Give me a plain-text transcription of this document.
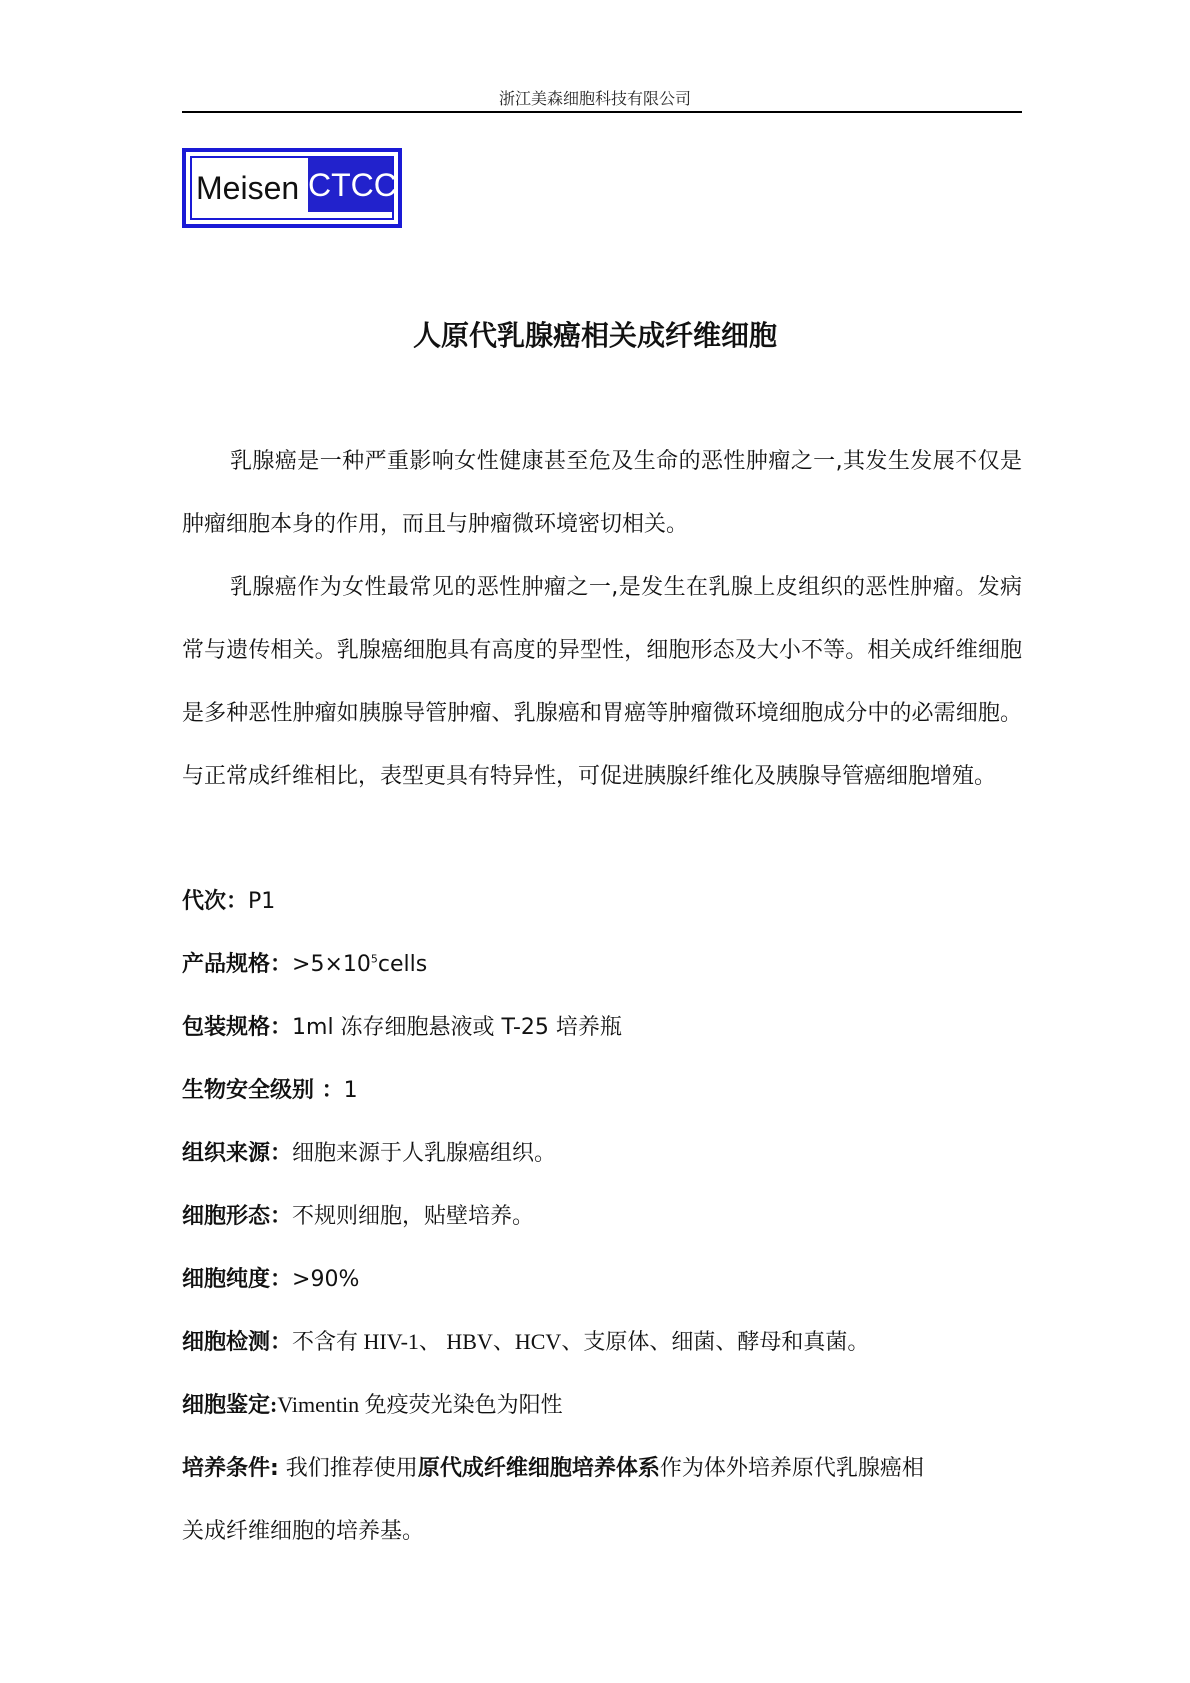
浙江美森细胞科技有限公司
Meisen CTCC
人原代乳腺癌相关成纤维细胞
乳腺癌是一种严重影响女性健康甚至危及生命的恶性肿瘤之一,其发生发展不仅是肿瘤细胞本身的作用，而且与肿瘤微环境密切相关。
乳腺癌作为女性最常见的恶性肿瘤之一,是发生在乳腺上皮组织的恶性肿瘤。发病常与遗传相关。乳腺癌细胞具有高度的异型性，细胞形态及大小不等。相关成纤维细胞是多种恶性肿瘤如胰腺导管肿瘤、乳腺癌和胃癌等肿瘤微环境细胞成分中的必需细胞。与正常成纤维相比，表型更具有特异性，可促进胰腺纤维化及胰腺导管癌细胞增殖。
代次：P1
产品规格：$>5\times 10^5cells$
包装规格：1ml 冻存细胞悬液或 T-25 培养瓶
生物安全级别 ：1
组织来源：细胞来源于人乳腺癌组织。
细胞形态：不规则细胞，贴壁培养。
细胞纯度：>90%
细胞检测：不含有 HIV-1、 HBV、HCV、支原体、细菌、酵母和真菌。
细胞鉴定:Vimentin 免疫荧光染色为阳性
培养条件: 我们推荐使用原代成纤维细胞培养体系作为体外培养原代乳腺癌相
关成纤维细胞的培养基。
